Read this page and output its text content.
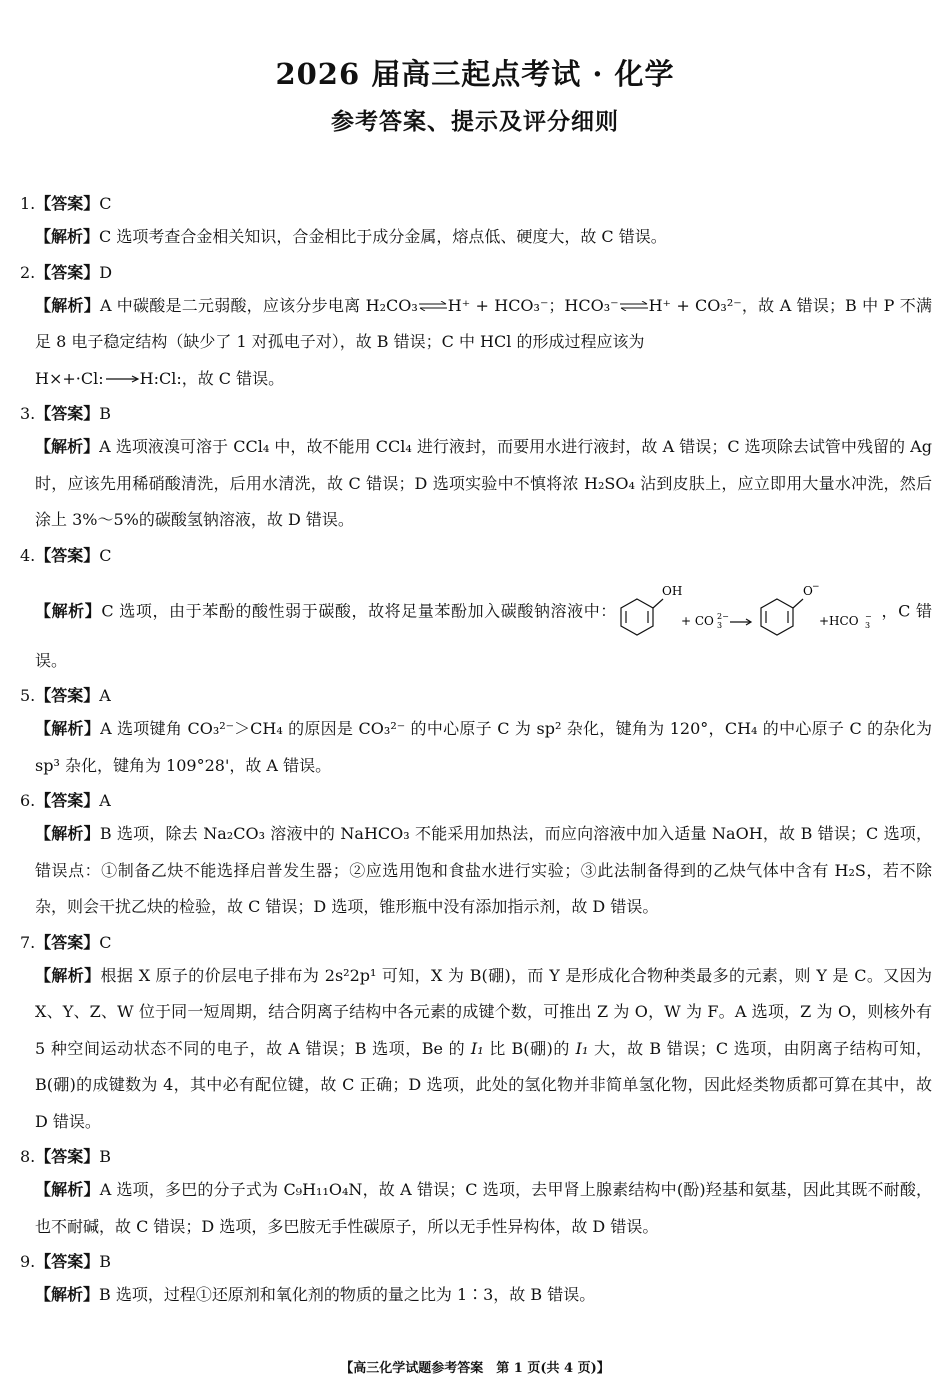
2026 届高三起点考试 · 化学
参考答案、提示及评分细则
1.【答案】C
【解析】C 选项考查合金相关知识，合金相比于成分金属，熔点低、硬度大，故 C 错误。
2.【答案】D
【解析】A 中碳酸是二元弱酸，应该分步电离 H₂CO₃⇌H⁺ + HCO₃⁻；HCO₃⁻⇌H⁺ + CO₃²⁻，故 A 错误；B 中 P 不满足 8 电子稳定结构（缺少了 1 对孤电子对），故 B 错误；C 中 HCl 的形成过程应该为
H×+·Cl:→H:Cl:，故 C 错误。
3.【答案】B
【解析】A 选项液溴可溶于 CCl₄ 中，故不能用 CCl₄ 进行液封，而要用水进行液封，故 A 错误；C 选项除去试管中残留的 Ag 时，应该先用稀硝酸清洗，后用水清洗，故 C 错误；D 选项实验中不慎将浓 H₂SO₄ 沾到皮肤上，应立即用大量水冲洗，然后涂上 3%～5%的碳酸氢钠溶液，故 D 错误。
4.【答案】C
【解析】C 选项，由于苯酚的酸性弱于碳酸，故将足量苯酚加入碳酸钠溶液中：
OH
+ CO 2−
3
O −
+HCO −
3
，C 错误。
5.【答案】A
【解析】A 选项键角 CO₃²⁻＞CH₄ 的原因是 CO₃²⁻ 的中心原子 C 为 sp² 杂化，键角为 120°，CH₄ 的中心原子 C 的杂化为 sp³ 杂化，键角为 109°28'，故 A 错误。
6.【答案】A
【解析】B 选项，除去 Na₂CO₃ 溶液中的 NaHCO₃ 不能采用加热法，而应向溶液中加入适量 NaOH，故 B 错误；C 选项，错误点：①制备乙炔不能选择启普发生器；②应选用饱和食盐水进行实验；③此法制备得到的乙炔气体中含有 H₂S，若不除杂，则会干扰乙炔的检验，故 C 错误；D 选项，锥形瓶中没有添加指示剂，故 D 错误。
7.【答案】C
【解析】根据 X 原子的价层电子排布为 2s²2p¹ 可知，X 为 B(硼)，而 Y 是形成化合物种类最多的元素，则 Y 是 C。又因为 X、Y、Z、W 位于同一短周期，结合阴离子结构中各元素的成键个数，可推出 Z 为 O，W 为 F。A 选项，Z 为 O，则核外有 5 种空间运动状态不同的电子，故 A 错误；B 选项，Be 的 I₁ 比 B(硼)的 I₁ 大，故 B 错误；C 选项，由阴离子结构可知，B(硼)的成键数为 4，其中必有配位键，故 C 正确；D 选项，此处的氢化物并非简单氢化物，因此烃类物质都可算在其中，故 D 错误。
8.【答案】B
【解析】A 选项，多巴的分子式为 C₉H₁₁O₄N，故 A 错误；C 选项，去甲肾上腺素结构中(酚)羟基和氨基，因此其既不耐酸，也不耐碱，故 C 错误；D 选项，多巴胺无手性碳原子，所以无手性异构体，故 D 错误。
9.【答案】B
【解析】B 选项，过程①还原剂和氧化剂的物质的量之比为 1∶3，故 B 错误。
【高三化学试题参考答案　第 1 页(共 4 页)】
